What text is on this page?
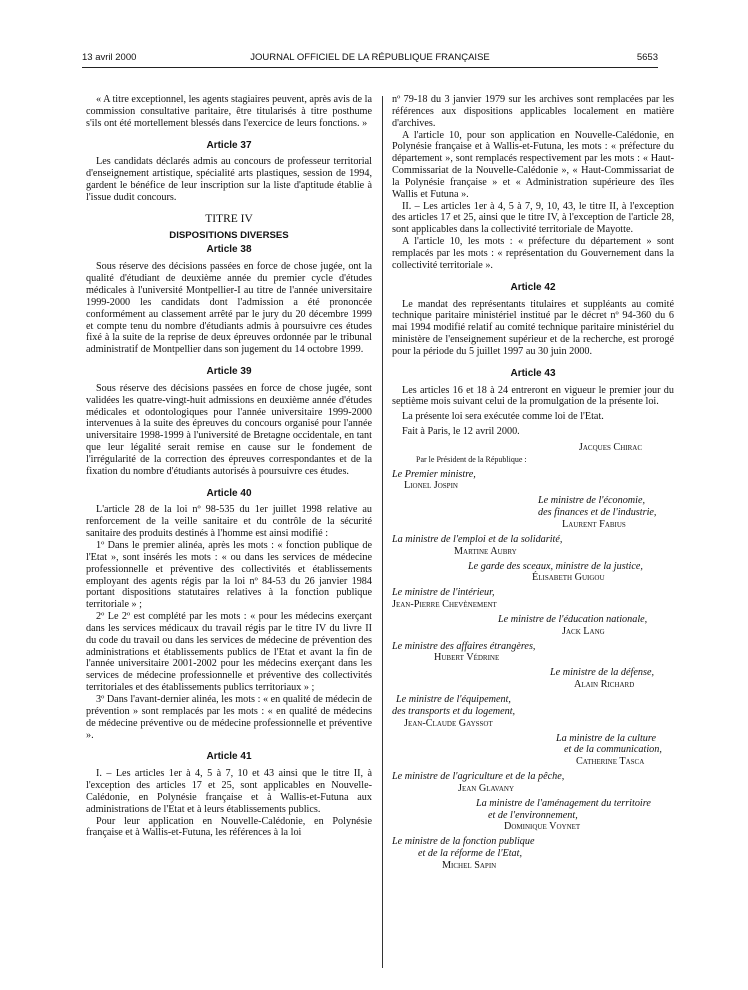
13 avril 2000	JOURNAL OFFICIEL DE LA RÉPUBLIQUE FRANÇAISE	5653

« A titre exceptionnel, les agents stagiaires peuvent, après avis de la commission consultative paritaire, être titularisés à titre posthume s'ils ont été mortellement blessés dans l'exercice de leurs fonctions. »

Article 37

Les candidats déclarés admis au concours de professeur territorial d'enseignement artistique, spécialité arts plastiques, session de 1994, gardent le bénéfice de leur inscription sur la liste d'aptitude établie à l'issue dudit concours.

TITRE IV
DISPOSITIONS DIVERSES
Article 38

Sous réserve des décisions passées en force de chose jugée, ont la qualité d'étudiant de deuxième année du premier cycle d'études médicales à l'université Montpellier-I au titre de l'année universitaire 1999-2000 les candidats dont l'admission a été prononcée conformément au classement arrêté par le jury du 20 décembre 1999 et compte tenu du nombre d'étudiants admis à poursuivre ces études fixé à la suite de la reprise de deux épreuves ordonnée par le tribunal administratif de Montpellier dans son jugement du 14 octobre 1999.

Article 39

Sous réserve des décisions passées en force de chose jugée, sont validées les quatre-vingt-huit admissions en deuxième année d'études médicales et odontologiques pour l'année universitaire 1999-2000 intervenues à la suite des épreuves du concours organisé pour l'année universitaire 1998-1999 à l'université de Bretagne occidentale, en tant que leur légalité serait remise en cause sur le fondement de l'irrégularité de la correction des épreuves correspondantes et de la fixation du nombre d'étudiants autorisés à poursuivre ces études.

Article 40

L'article 28 de la loi nº 98-535 du 1er juillet 1998 relative au renforcement de la veille sanitaire et du contrôle de la sécurité sanitaire des produits destinés à l'homme est ainsi modifié :

1º Dans le premier alinéa, après les mots : « fonction publique de l'Etat », sont insérés les mots : « ou dans les services de médecine professionnelle et préventive des collectivités et établissements employant des agents régis par la loi nº 84-53 du 26 janvier 1984 portant dispositions statutaires relatives à la fonction publique territoriale » ;

2º Le 2º est complété par les mots : « pour les médecins exerçant dans les services médicaux du travail régis par le titre IV du livre II du code du travail ou dans les services de médecine de prévention des administrations et établissements publics de l'Etat et avant la fin de l'année universitaire 2001-2002 pour les médecins exerçant dans les services de médecine professionnelle et préventive des collectivités territoriales et des établissements publics territoriaux » ;

3º Dans l'avant-dernier alinéa, les mots : « en qualité de médecin de prévention » sont remplacés par les mots : « en qualité de médecins de médecine préventive ou de médecine professionnelle et préventive ».

Article 41

I. – Les articles 1er à 4, 5 à 7, 10 et 43 ainsi que le titre II, à l'exception des articles 17 et 25, sont applicables en Nouvelle-Calédonie, en Polynésie française et à Wallis-et-Futuna aux administrations de l'Etat et à leurs établissements publics.

Pour leur application en Nouvelle-Calédonie, en Polynésie française et à Wallis-et-Futuna, les références à la loi

nº 79-18 du 3 janvier 1979 sur les archives sont remplacées par les références aux dispositions applicables localement en matière d'archives.

A l'article 10, pour son application en Nouvelle-Calédonie, en Polynésie française et à Wallis-et-Futuna, les mots : « préfecture du département », sont remplacés respectivement par les mots : « Haut-Commissariat de la Nouvelle-Calédonie », « Haut-Commissariat de la Polynésie française » et « Administration supérieure des îles Wallis et Futuna ».

II. – Les articles 1er à 4, 5 à 7, 9, 10, 43, le titre II, à l'exception des articles 17 et 25, ainsi que le titre IV, à l'exception de l'article 28, sont applicables dans la collectivité territoriale de Mayotte.

A l'article 10, les mots : « préfecture du département » sont remplacés par les mots : « représentation du Gouvernement dans la collectivité territoriale ».

Article 42

Le mandat des représentants titulaires et suppléants au comité technique paritaire ministériel institué par le décret nº 94-360 du 6 mai 1994 modifié relatif au comité technique paritaire ministériel du ministère de l'enseignement supérieur et de la recherche, est prorogé pour la période du 5 juillet 1997 au 30 juin 2000.

Article 43

Les articles 16 et 18 à 24 entreront en vigueur le premier jour du septième mois suivant celui de la promulgation de la présente loi.

La présente loi sera exécutée comme loi de l'Etat.

Fait à Paris, le 12 avril 2000.

Jacques Chirac
Par le Président de la République :
Le Premier ministre,
Lionel Jospin
Le ministre de l'économie,
des finances et de l'industrie,
Laurent Fabius
La ministre de l'emploi et de la solidarité,
Martine Aubry
Le garde des sceaux, ministre de la justice,
Élisabeth Guigou
Le ministre de l'intérieur,
Jean-Pierre Chevènement
Le ministre de l'éducation nationale,
Jack Lang
Le ministre des affaires étrangères,
Hubert Védrine
Le ministre de la défense,
Alain Richard
Le ministre de l'équipement,
des transports et du logement,
Jean-Claude Gayssot
La ministre de la culture
et de la communication,
Catherine Tasca
Le ministre de l'agriculture et de la pêche,
Jean Glavany
La ministre de l'aménagement du territoire
et de l'environnement,
Dominique Voynet
Le ministre de la fonction publique
et de la réforme de l'Etat,
Michel Sapin
